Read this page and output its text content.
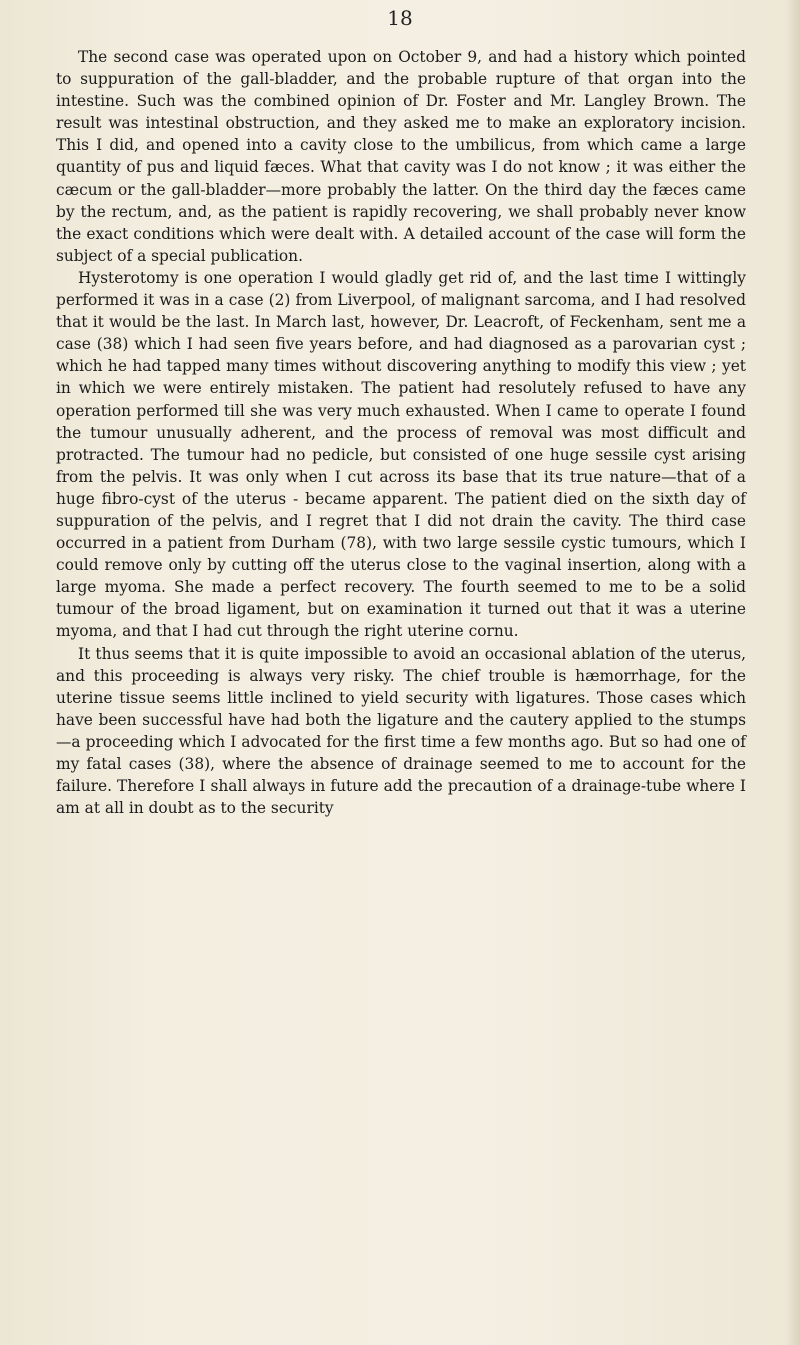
18

The second case was operated upon on October 9, and had a history which pointed to suppuration of the gall-bladder, and the probable rupture of that organ into the intestine. Such was the combined opinion of Dr. Foster and Mr. Langley Brown. The result was intestinal obstruction, and they asked me to make an exploratory incision. This I did, and opened into a cavity close to the umbilicus, from which came a large quantity of pus and liquid fæces. What that cavity was I do not know ; it was either the cæcum or the gall-bladder—more probably the latter. On the third day the fæces came by the rectum, and, as the patient is rapidly recovering, we shall probably never know the exact conditions which were dealt with. A detailed account of the case will form the subject of a special publication.

Hysterotomy is one operation I would gladly get rid of, and the last time I wittingly performed it was in a case (2) from Liverpool, of malignant sarcoma, and I had resolved that it would be the last. In March last, however, Dr. Leacroft, of Feckenham, sent me a case (38) which I had seen five years before, and had diagnosed as a parovarian cyst ; which he had tapped many times without discovering anything to modify this view ; yet in which we were entirely mistaken. The patient had resolutely refused to have any operation performed till she was very much exhausted. When I came to operate I found the tumour unusually adherent, and the process of removal was most difficult and protracted. The tumour had no pedicle, but consisted of one huge sessile cyst arising from the pelvis. It was only when I cut across its base that its true nature—that of a huge fibro-cyst of the uterus - became apparent. The patient died on the sixth day of suppuration of the pelvis, and I regret that I did not drain the cavity. The third case occurred in a patient from Durham (78), with two large sessile cystic tumours, which I could remove only by cutting off the uterus close to the vaginal insertion, along with a large myoma. She made a perfect recovery. The fourth seemed to me to be a solid tumour of the broad ligament, but on examination it turned out that it was a uterine myoma, and that I had cut through the right uterine cornu.

It thus seems that it is quite impossible to avoid an occasional ablation of the uterus, and this proceeding is always very risky. The chief trouble is hæmorrhage, for the uterine tissue seems little inclined to yield security with ligatures. Those cases which have been successful have had both the ligature and the cautery applied to the stumps—a proceeding which I advocated for the first time a few months ago. But so had one of my fatal cases (38), where the absence of drainage seemed to me to account for the failure. Therefore I shall always in future add the precaution of a drainage-tube where I am at all in doubt as to the security
